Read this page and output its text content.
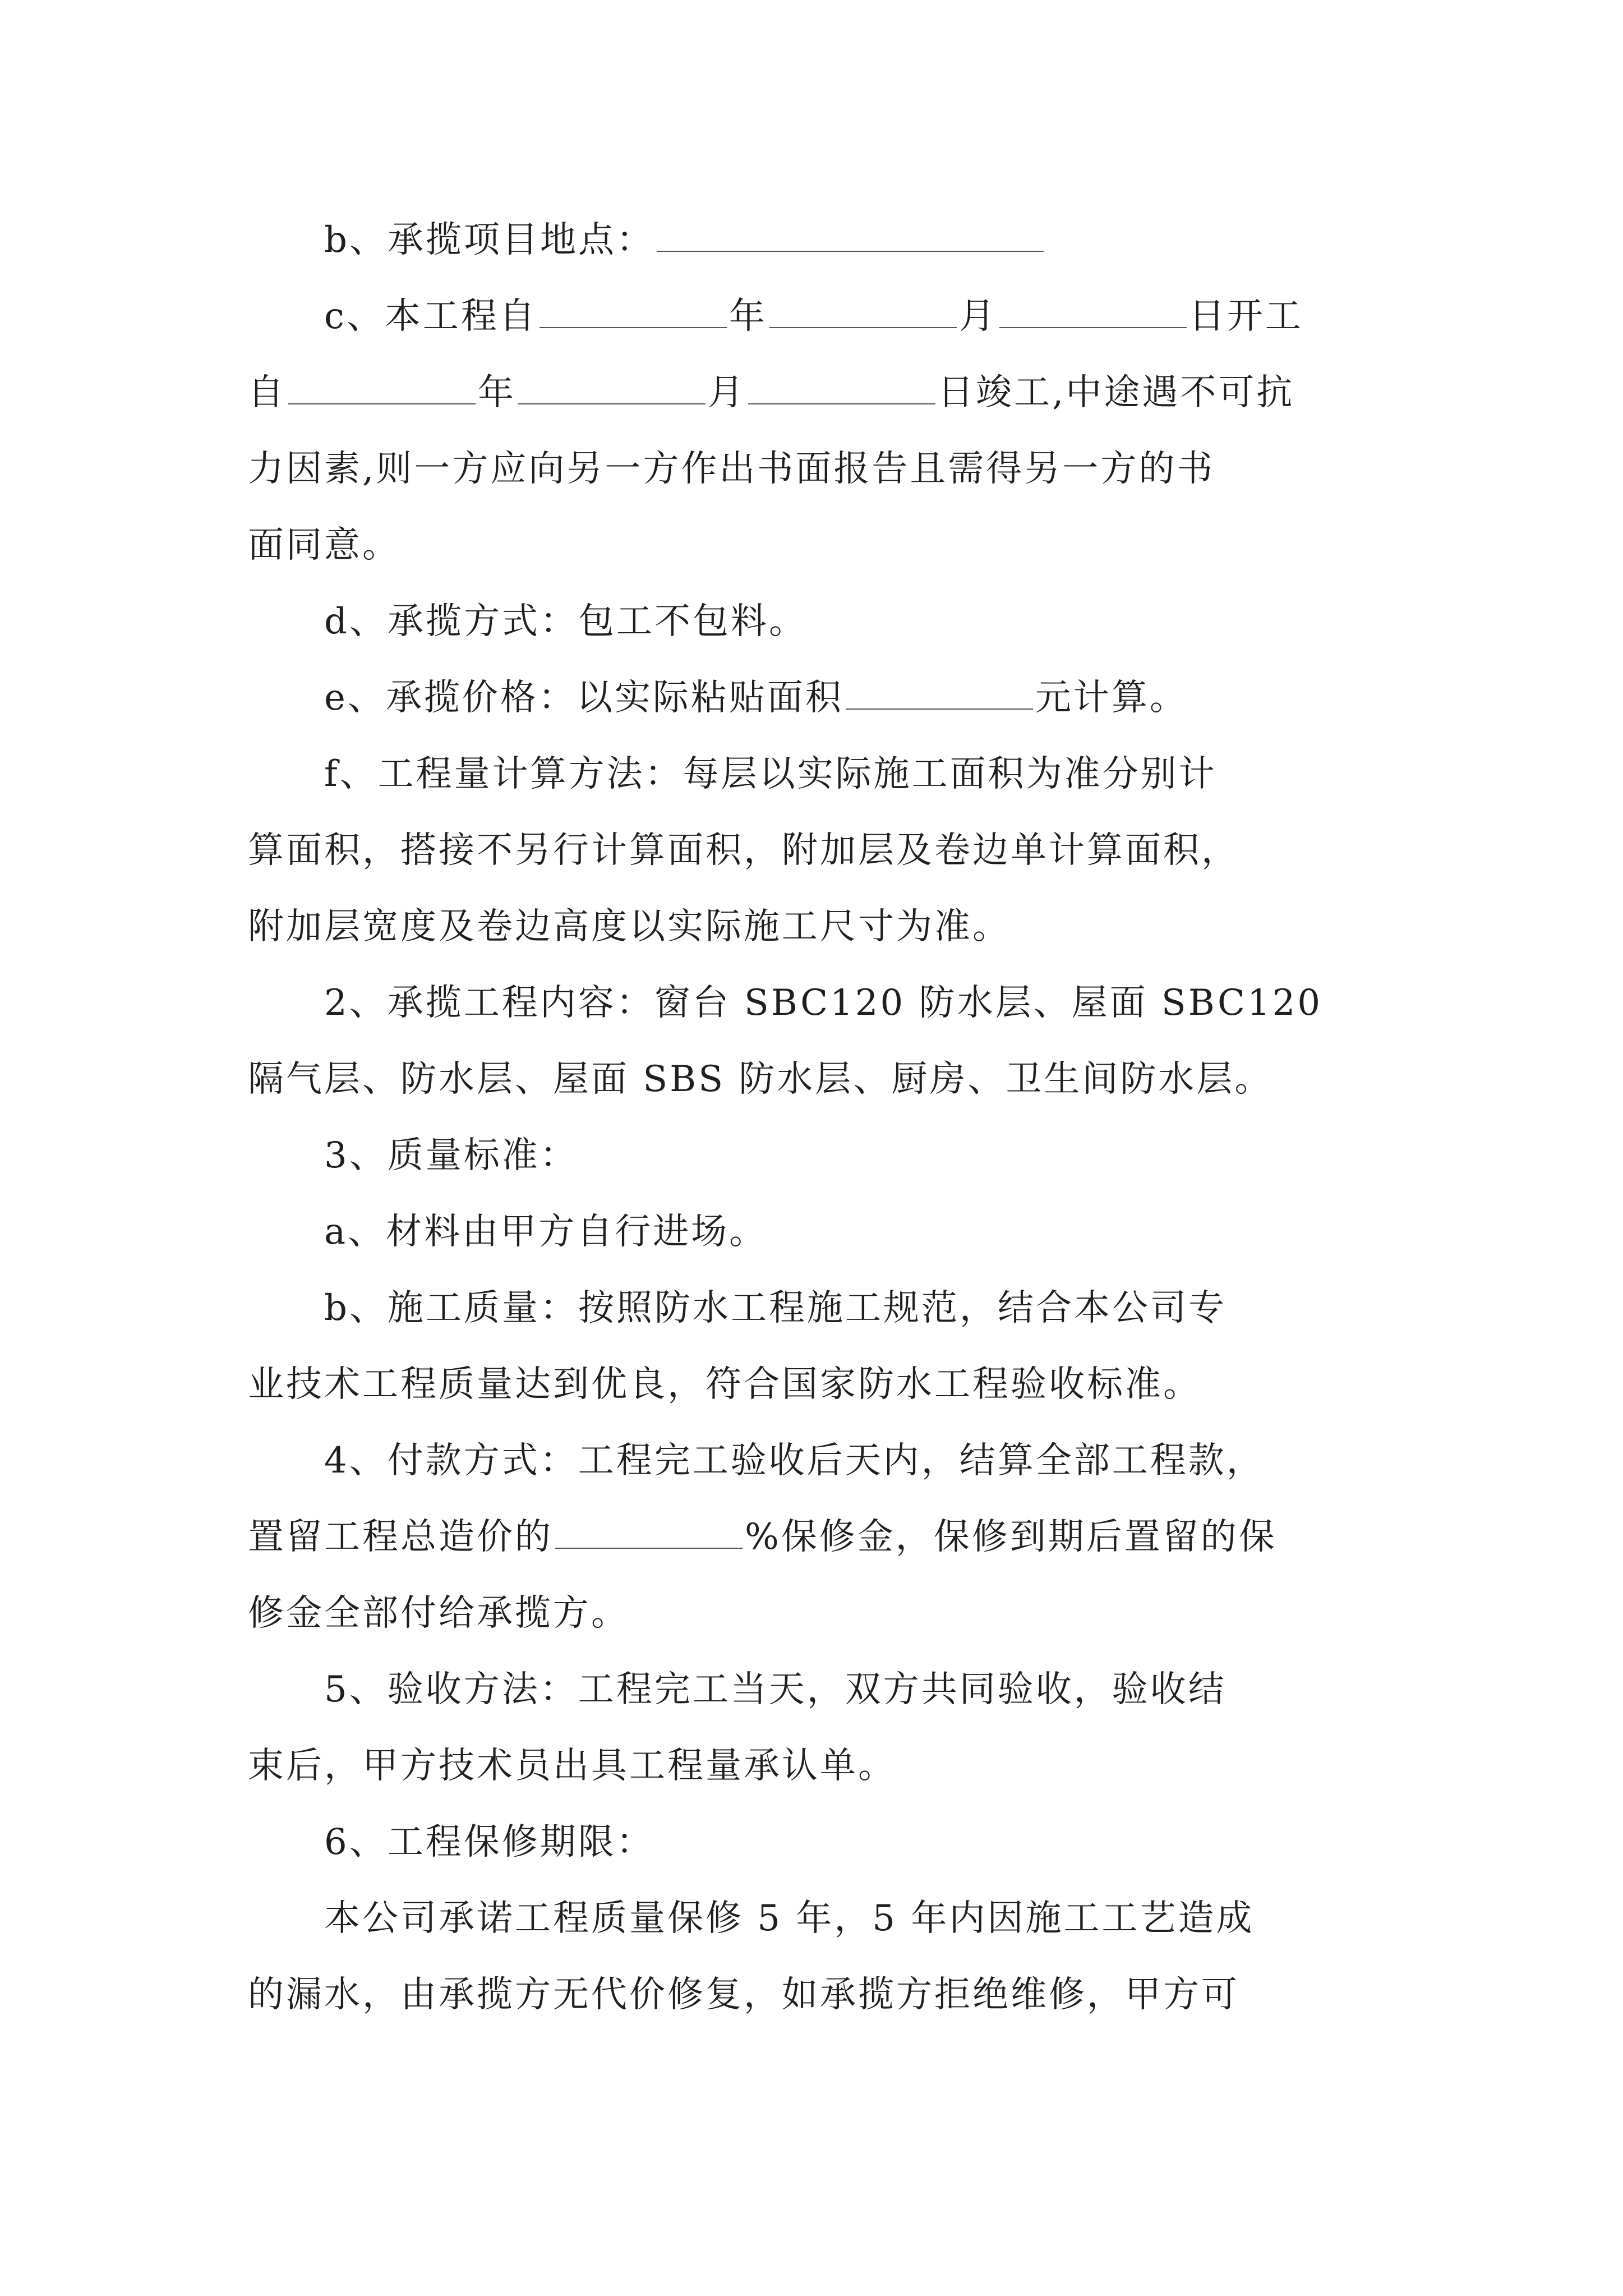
b、承揽项目地点：

c、本工程自	年	月	日开工

自	年	月	日竣工,中途遇不可抗

力因素,则一方应向另一方作出书面报告且需得另一方的书

面同意。

d、承揽方式：包工不包料。

e、承揽价格：以实际粘贴面积	元计算。

f、工程量计算方法：每层以实际施工面积为准分别计

算面积，搭接不另行计算面积，附加层及卷边单计算面积，

附加层宽度及卷边高度以实际施工尺寸为准。

2、承揽工程内容：窗台 SBC120 防水层、屋面 SBC120

隔气层、防水层、屋面 SBS 防水层、厨房、卫生间防水层。

3、质量标准：

a、材料由甲方自行进场。

b、施工质量：按照防水工程施工规范，结合本公司专

业技术工程质量达到优良，符合国家防水工程验收标准。

4、付款方式：工程完工验收后天内，结算全部工程款，

置留工程总造价的	%保修金，保修到期后置留的保

修金全部付给承揽方。

5、验收方法：工程完工当天，双方共同验收，验收结

束后，甲方技术员出具工程量承认单。

6、工程保修期限：

本公司承诺工程质量保修 5 年，5 年内因施工工艺造成

的漏水，由承揽方无代价修复，如承揽方拒绝维修，甲方可
